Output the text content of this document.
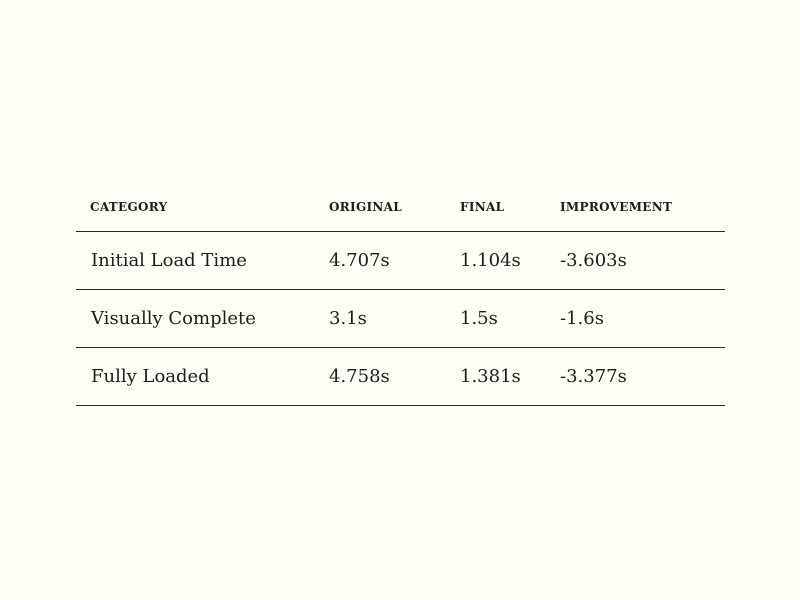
CATEGORY	ORIGINAL	FINAL	IMPROVEMENT
Initial Load Time	4.707s	1.104s	-3.603s
Visually Complete	3.1s	1.5s	-1.6s
Fully Loaded	4.758s	1.381s	-3.377s
